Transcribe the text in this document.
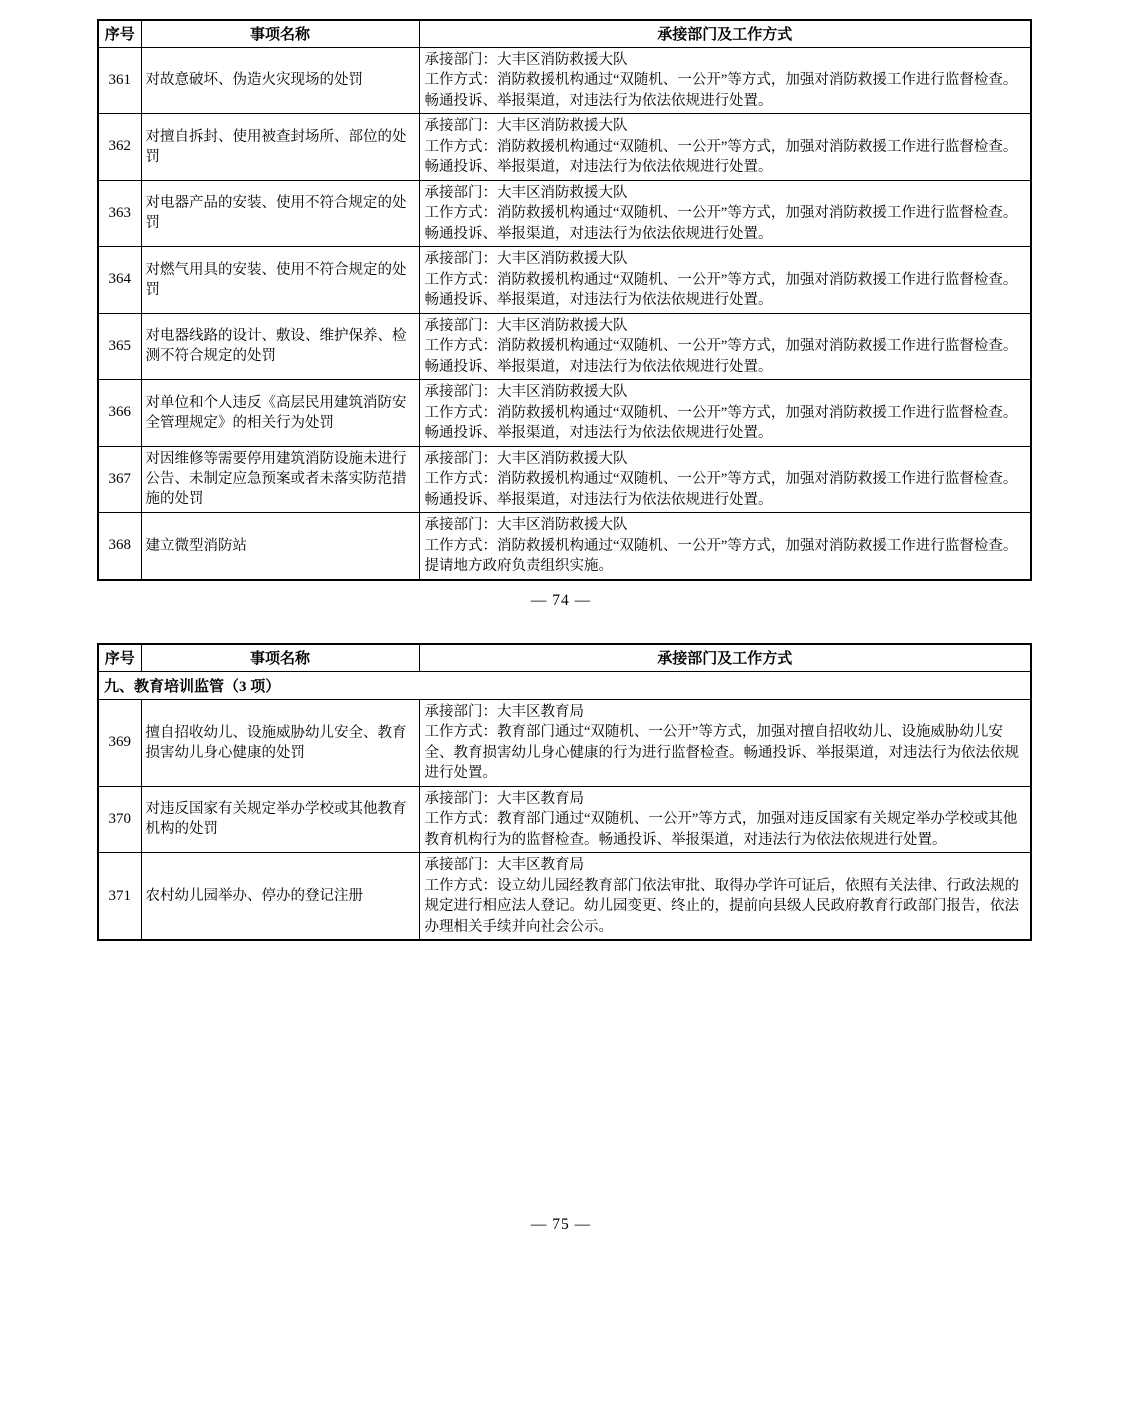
序号	事项名称	承接部门及工作方式
361	对故意破坏、伪造火灾现场的处罚	承接部门：大丰区消防救援大队
工作方式：消防救援机构通过“双随机、一公开”等方式，加强对消防救援工作进行监督检查。畅通投诉、举报渠道，对违法行为依法依规进行处置。

362	对擅自拆封、使用被查封场所、部位的处罚	承接部门：大丰区消防救援大队
工作方式：消防救援机构通过“双随机、一公开”等方式，加强对消防救援工作进行监督检查。畅通投诉、举报渠道，对违法行为依法依规进行处置。

363	对电器产品的安装、使用不符合规定的处罚	承接部门：大丰区消防救援大队
工作方式：消防救援机构通过“双随机、一公开”等方式，加强对消防救援工作进行监督检查。畅通投诉、举报渠道，对违法行为依法依规进行处置。

364	对燃气用具的安装、使用不符合规定的处罚	承接部门：大丰区消防救援大队
工作方式：消防救援机构通过“双随机、一公开”等方式，加强对消防救援工作进行监督检查。畅通投诉、举报渠道，对违法行为依法依规进行处置。

365	对电器线路的设计、敷设、维护保养、检测不符合规定的处罚	承接部门：大丰区消防救援大队
工作方式：消防救援机构通过“双随机、一公开”等方式，加强对消防救援工作进行监督检查。畅通投诉、举报渠道，对违法行为依法依规进行处置。

366	对单位和个人违反《高层民用建筑消防安全管理规定》的相关行为处罚	承接部门：大丰区消防救援大队
工作方式：消防救援机构通过“双随机、一公开”等方式，加强对消防救援工作进行监督检查。畅通投诉、举报渠道，对违法行为依法依规进行处置。

367	对因维修等需要停用建筑消防设施未进行公告、未制定应急预案或者未落实防范措施的处罚	承接部门：大丰区消防救援大队
工作方式：消防救援机构通过“双随机、一公开”等方式，加强对消防救援工作进行监督检查。畅通投诉、举报渠道，对违法行为依法依规进行处置。

368	建立微型消防站	承接部门：大丰区消防救援大队
工作方式：消防救援机构通过“双随机、一公开”等方式，加强对消防救援工作进行监督检查。提请地方政府负责组织实施。
— 74 —
序号	事项名称	承接部门及工作方式
九、教育培训监管（3 项）		
369	擅自招收幼儿、设施威胁幼儿安全、教育损害幼儿身心健康的处罚	承接部门：大丰区教育局
工作方式：教育部门通过“双随机、一公开”等方式，加强对擅自招收幼儿、设施威胁幼儿安全、教育损害幼儿身心健康的行为进行监督检查。畅通投诉、举报渠道，对违法行为依法依规进行处置。

370	对违反国家有关规定举办学校或其他教育机构的处罚	承接部门：大丰区教育局
工作方式：教育部门通过“双随机、一公开”等方式，加强对违反国家有关规定举办学校或其他教育机构行为的监督检查。畅通投诉、举报渠道，对违法行为依法依规进行处置。

371	农村幼儿园举办、停办的登记注册	承接部门：大丰区教育局
工作方式：设立幼儿园经教育部门依法审批、取得办学许可证后，依照有关法律、行政法规的规定进行相应法人登记。幼儿园变更、终止的，提前向县级人民政府教育行政部门报告，依法办理相关手续并向社会公示。
— 75 —
